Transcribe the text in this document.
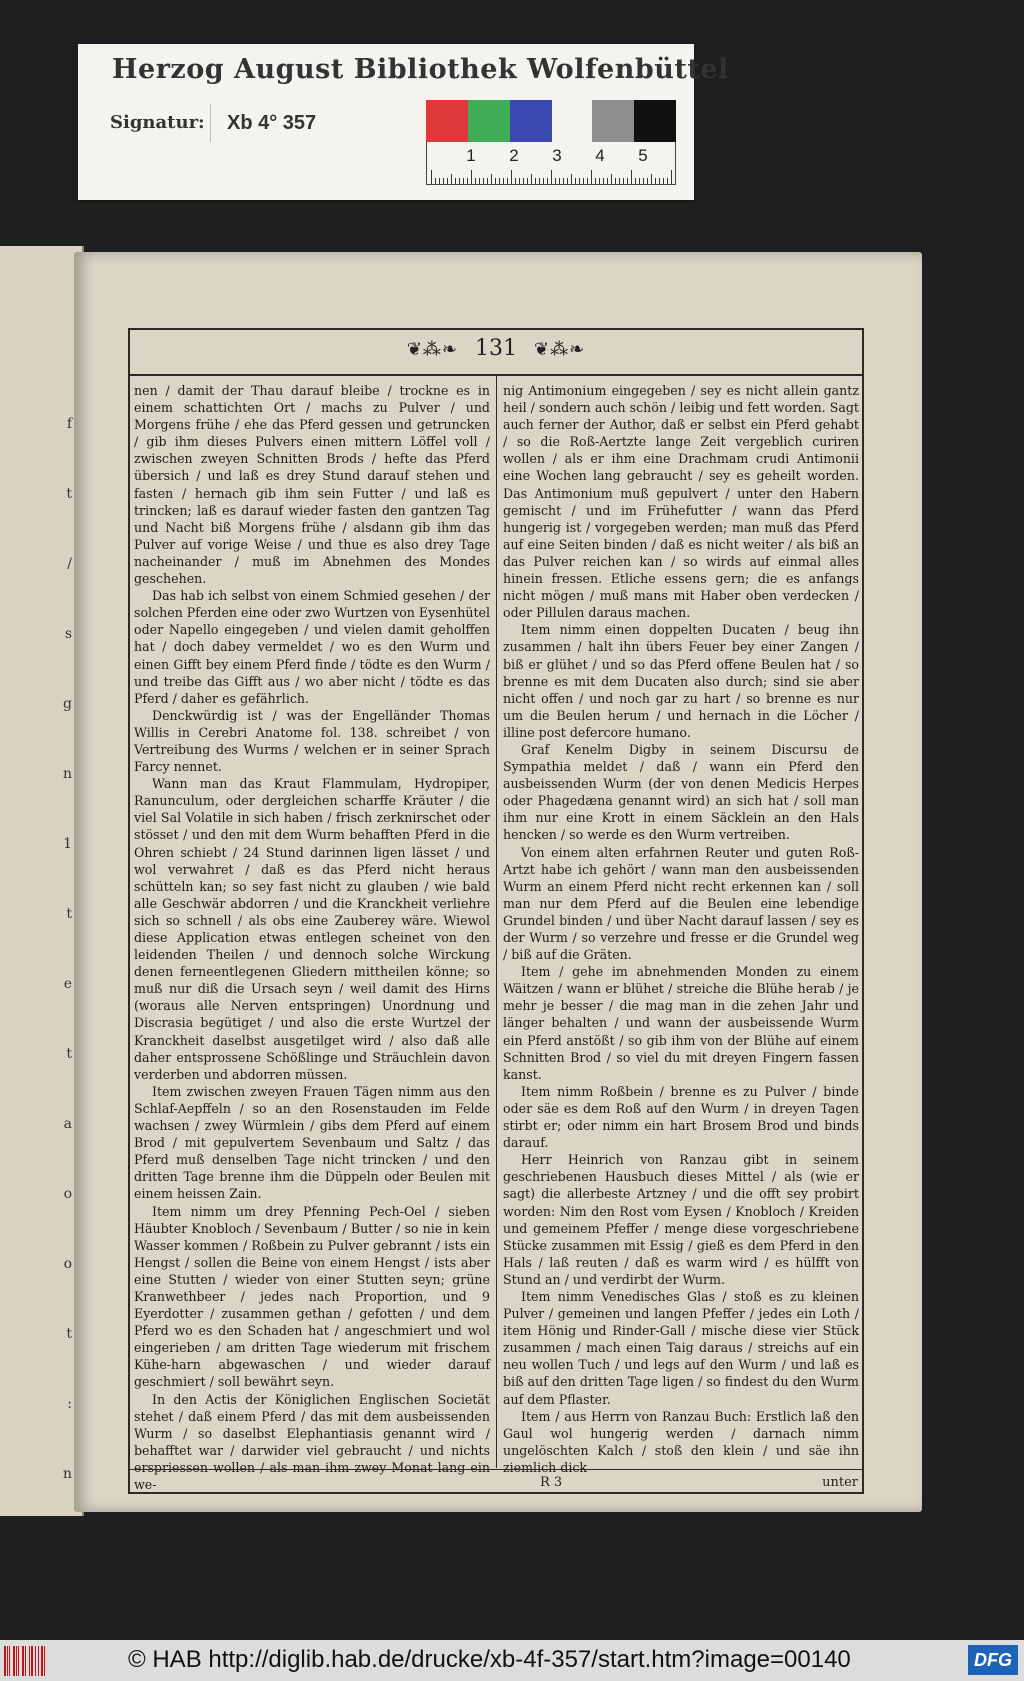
Herzog August Bibliothek Wolfenbüttel
Signatur:	Xb 4° 357
1 2 3 4 5
f
t
/
s
g
n
1
t
e
t
a
o
o
t
:
n
❦⁂❧ 131 ❦⁂❧

nen / damit der Thau darauf bleibe / trockne es in einem schattichten Ort / machs zu Pulver / und Morgens frühe / ehe das Pferd gessen und getruncken / gib ihm dieses Pulvers einen mittern Löffel voll / zwischen zweyen Schnitten Brods / hefte das Pferd übersich / und laß es drey Stund darauf stehen und fasten / hernach gib ihm sein Futter / und laß es trincken; laß es darauf wieder fasten den gantzen Tag und Nacht biß Morgens frühe / alsdann gib ihm das Pulver auf vorige Weise / und thue es also drey Tage nacheinander / muß im Abnehmen des Mondes geschehen.

Das hab ich selbst von einem Schmied gesehen / der solchen Pferden eine oder zwo Wurtzen von Eysenhütel oder Napello eingegeben / und vielen damit geholffen hat / doch dabey vermeldet / wo es den Wurm und einen Gifft bey einem Pferd finde / tödte es den Wurm / und treibe das Gifft aus / wo aber nicht / tödte es das Pferd / daher es gefährlich.

Denckwürdig ist / was der Engelländer Thomas Willis in Cerebri Anatome fol. 138. schreibet / von Vertreibung des Wurms / welchen er in seiner Sprach Farcy nennet.

Wann man das Kraut Flammulam, Hydropiper, Ranunculum, oder dergleichen scharffe Kräuter / die viel Sal Volatile in sich haben / frisch zerknirschet oder stösset / und den mit dem Wurm behafften Pferd in die Ohren schiebt / 24 Stund darinnen ligen lässet / und wol verwahret / daß es das Pferd nicht heraus schütteln kan; so sey fast nicht zu glauben / wie bald alle Geschwär abdorren / und die Kranckheit verliehre sich so schnell / als obs eine Zauberey wäre. Wiewol diese Application etwas entlegen scheinet von den leidenden Theilen / und dennoch solche Wirckung denen ferneentlegenen Gliedern mittheilen könne; so muß nur diß die Ursach seyn / weil damit des Hirns (woraus alle Nerven entspringen) Unordnung und Discrasia begütiget / und also die erste Wurtzel der Kranckheit daselbst ausgetilget wird / also daß alle daher entsprossene Schößlinge und Sträuchlein davon verderben und abdorren müssen.

Item zwischen zweyen Frauen Tägen nimm aus den Schlaf-Aepffeln / so an den Rosenstauden im Felde wachsen / zwey Würmlein / gibs dem Pferd auf einem Brod / mit gepulvertem Sevenbaum und Saltz / das Pferd muß denselben Tage nicht trincken / und den dritten Tage brenne ihm die Düppeln oder Beulen mit einem heissen Zain.

Item nimm um drey Pfenning Pech-Oel / sieben Häubter Knobloch / Sevenbaum / Butter / so nie in kein Wasser kommen / Roßbein zu Pulver gebrannt / ists ein Hengst / sollen die Beine von einem Hengst / ists aber eine Stutten / wieder von einer Stutten seyn; grüne Kranwethbeer / jedes nach Proportion, und 9 Eyerdotter / zusammen gethan / gefotten / und dem Pferd wo es den Schaden hat / angeschmiert und wol eingerieben / am dritten Tage wiederum mit frischem Kühe-harn abgewaschen / und wieder darauf geschmiert / soll bewährt seyn.

In den Actis der Königlichen Englischen Societät stehet / daß einem Pferd / das mit dem ausbeissenden Wurm / so daselbst Elephantiasis genannt wird / behafftet war / darwider viel gebraucht / und nichts erspriessen wollen / als man ihm zwey Monat lang ein we-

nig Antimonium eingegeben / sey es nicht allein gantz heil / sondern auch schön / leibig und fett worden. Sagt auch ferner der Author, daß er selbst ein Pferd gehabt / so die Roß-Aertzte lange Zeit vergeblich curiren wollen / als er ihm eine Drachmam crudi Antimonii eine Wochen lang gebraucht / sey es geheilt worden. Das Antimonium muß gepulvert / unter den Habern gemischt / und im Frühefutter / wann das Pferd hungerig ist / vorgegeben werden; man muß das Pferd auf eine Seiten binden / daß es nicht weiter / als biß an das Pulver reichen kan / so wirds auf einmal alles hinein fressen. Etliche essens gern; die es anfangs nicht mögen / muß mans mit Haber oben verdecken / oder Pillulen daraus machen.

Item nimm einen doppelten Ducaten / beug ihn zusammen / halt ihn übers Feuer bey einer Zangen / biß er glühet / und so das Pferd offene Beulen hat / so brenne es mit dem Ducaten also durch; sind sie aber nicht offen / und noch gar zu hart / so brenne es nur um die Beulen herum / und hernach in die Löcher / illine post defercore humano.

Graf Kenelm Digby in seinem Discursu de Sympathia meldet / daß / wann ein Pferd den ausbeissenden Wurm (der von denen Medicis Herpes oder Phagedæna genannt wird) an sich hat / soll man ihm nur eine Krott in einem Säcklein an den Hals hencken / so werde es den Wurm vertreiben.

Von einem alten erfahrnen Reuter und guten Roß-Artzt habe ich gehört / wann man den ausbeissenden Wurm an einem Pferd nicht recht erkennen kan / soll man nur dem Pferd auf die Beulen eine lebendige Grundel binden / und über Nacht darauf lassen / sey es der Wurm / so verzehre und fresse er die Grundel weg / biß auf die Gräten.

Item / gehe im abnehmenden Monden zu einem Wäitzen / wann er blühet / streiche die Blühe herab / je mehr je besser / die mag man in die zehen Jahr und länger behalten / und wann der ausbeissende Wurm ein Pferd anstößt / so gib ihm von der Blühe auf einem Schnitten Brod / so viel du mit dreyen Fingern fassen kanst.

Item nimm Roßbein / brenne es zu Pulver / binde oder säe es dem Roß auf den Wurm / in dreyen Tagen stirbt er; oder nimm ein hart Brosem Brod und binds darauf.

Herr Heinrich von Ranzau gibt in seinem geschriebenen Hausbuch dieses Mittel / als (wie er sagt) die allerbeste Artzney / und die offt sey probirt worden: Nim den Rost vom Eysen / Knobloch / Kreiden und gemeinem Pfeffer / menge diese vorgeschriebene Stücke zusammen mit Essig / gieß es dem Pferd in den Hals / laß reuten / daß es warm wird / es hülfft von Stund an / und verdirbt der Wurm.

Item nimm Venedisches Glas / stoß es zu kleinen Pulver / gemeinen und langen Pfeffer / jedes ein Loth / item Hönig und Rinder-Gall / mische diese vier Stück zusammen / mach einen Taig daraus / streichs auf ein neu wollen Tuch / und legs auf den Wurm / und laß es biß auf den dritten Tage ligen / so findest du den Wurm auf dem Pflaster.

Item / aus Herrn von Ranzau Buch: Erstlich laß den Gaul wol hungerig werden / darnach nimm ungelöschten Kalch / stoß den klein / und säe ihn ziemlich dick

R 3	unter
© HAB http://diglib.hab.de/drucke/xb-4f-357/start.htm?image=00140	DFG
